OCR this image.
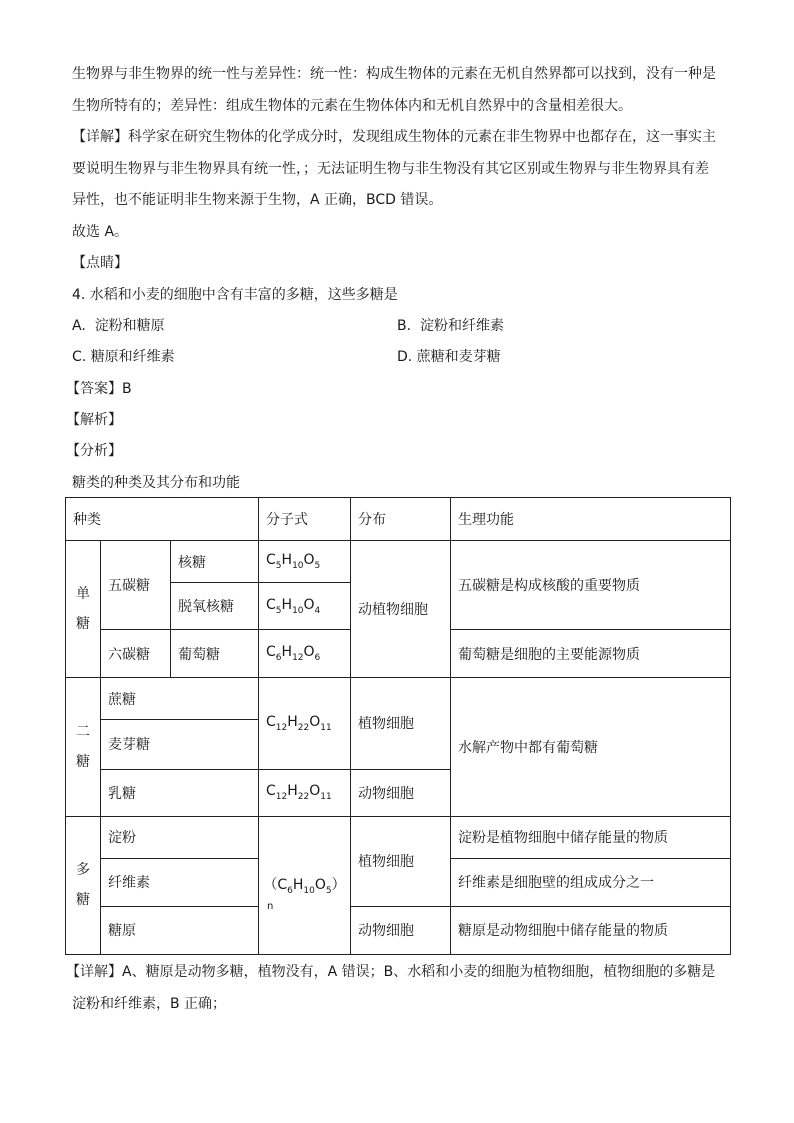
生物界与非生物界的统一性与差异性：统一性：构成生物体的元素在无机自然界都可以找到，没有一种是
生物所特有的；差异性：组成生物体的元素在生物体体内和无机自然界中的含量相差很大。
【详解】科学家在研究生物体的化学成分时，发现组成生物体的元素在非生物界中也都存在，这一事实主
要说明生物界与非生物界具有统一性，；无法证明生物与非生物没有其它区别或生物界与非生物界具有差
异性，也不能证明非生物来源于生物，A 正确，BCD 错误。
故选 A。
【点睛】
4. 水稻和小麦的细胞中含有丰富的多糖，这些多糖是
A. 淀粉和糖原	B. 淀粉和纤维素
C. 糖原和纤维素	D. 蔗糖和麦芽糖
【答案】B
【解析】
【分析】
糖类的种类及其分布和功能
种类			分子式	分布	生理功能
单
糖	五碳糖	核糖	$C_5H_{10}O_5$	动植物细胞	五碳糖是构成核酸的重要物质
		脱氧核糖	$C_5H_{10}O_4$
	六碳糖	葡萄糖	$C_6H_{12}O_6$		葡萄糖是细胞的主要能源物质
二
糖	蔗糖		$C_{12}H_{22}O_{11}$	植物细胞	水解产物中都有葡萄糖
	麦芽糖				
	乳糖		$C_{12}H_{22}O_{11}$	动物细胞	
多
糖	淀粉		$(C_6H_{10}O_5)$
n	植物细胞	淀粉是植物细胞中储存能量的物质
	纤维素				纤维素是细胞壁的组成成分之一
	糖原			动物细胞	糖原是动物细胞中储存能量的物质
【详解】A、糖原是动物多糖，植物没有，A 错误；B、水稻和小麦的细胞为植物细胞，植物细胞的多糖是
淀粉和纤维素，B 正确；
